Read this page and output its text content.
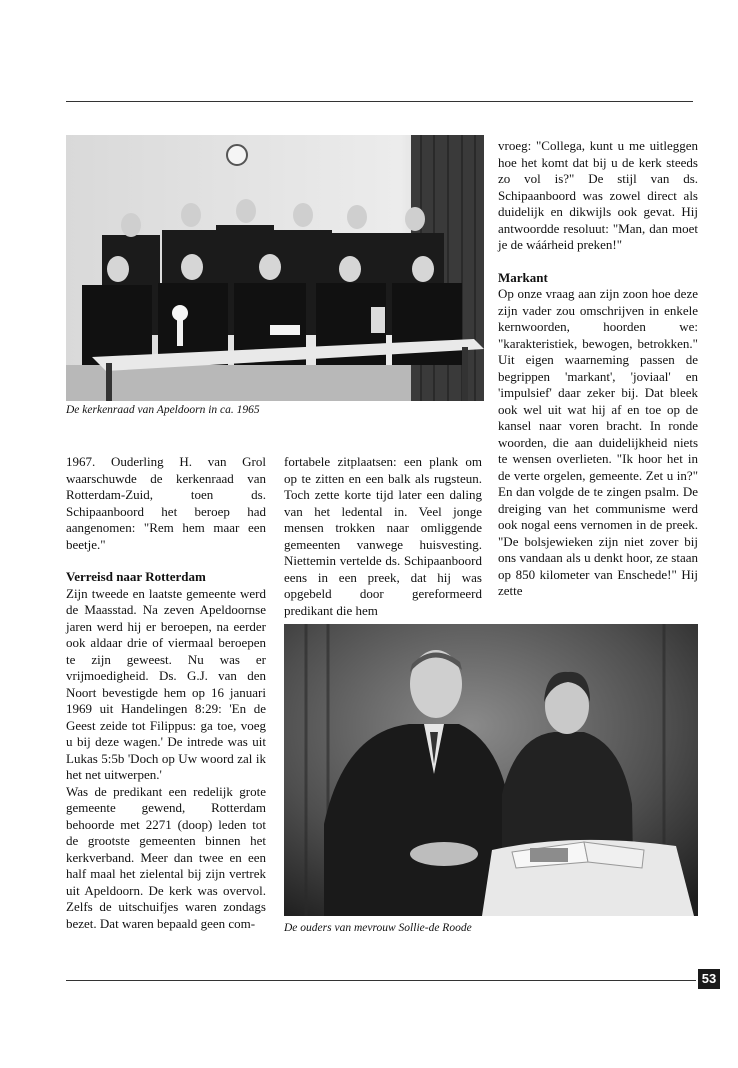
De kerkenraad van Apeldoorn in ca. 1965

1967. Ouderling H. van Grol waarschuwde de kerkenraad van Rotterdam-Zuid, toen ds. Schipaanboord het beroep had aangenomen: "Rem hem maar een beetje."

Verreisd naar Rotterdam

Zijn tweede en laatste gemeente werd de Maasstad. Na zeven Apeldoornse jaren werd hij er beroepen, na eerder ook aldaar drie of viermaal beroepen te zijn geweest. Nu was er vrijmoedigheid. Ds. G.J. van den Noort bevestigde hem op 16 januari 1969 uit Handelingen 8:29: 'En de Geest zeide tot Filippus: ga toe, voeg u bij deze wagen.' De intrede was uit Lukas 5:5b 'Doch op Uw woord zal ik het net uitwerpen.'

Was de predikant een redelijk grote gemeente gewend, Rotterdam behoorde met 2271 (doop) leden tot de grootste gemeenten binnen het kerkverband. Meer dan twee en een half maal het zielental bij zijn vertrek uit Apeldoorn. De kerk was overvol. Zelfs de uitschuifjes waren zondags bezet. Dat waren bepaald geen com-

fortabele zitplaatsen: een plank om op te zitten en een balk als rugsteun. Toch zette korte tijd later een daling van het ledental in. Veel jonge mensen trokken naar omliggende gemeenten vanwege huisvesting. Niettemin vertelde ds. Schipaanboord eens in een preek, dat hij was opgebeld door gereformeerd predikant die hem

vroeg: "Collega, kunt u me uitleggen hoe het komt dat bij u de kerk steeds zo vol is?" De stijl van ds. Schipaanboord was zowel direct als duidelijk en dikwijls ook gevat. Hij antwoordde resoluut: "Man, dan moet je de wáárheid preken!"

Markant

Op onze vraag aan zijn zoon hoe deze zijn vader zou omschrijven in enkele kernwoorden, hoorden we: "karakteristiek, bewogen, betrokken." Uit eigen waarneming passen de begrippen 'markant', 'joviaal' en 'impulsief' daar zeker bij. Dat bleek ook wel uit wat hij af en toe op de kansel naar voren bracht. In ronde woorden, die aan duidelijkheid niets te wensen overlieten. "Ik hoor het in de verte orgelen, gemeente. Zet u in?" En dan volgde de te zingen psalm. De dreiging van het communisme werd ook nogal eens vernomen in de preek. "De bolsjewieken zijn niet zover bij ons vandaan als u denkt hoor, ze staan op 850 kilometer van Enschede!" Hij zette

De ouders van mevrouw Sollie-de Roode
53
